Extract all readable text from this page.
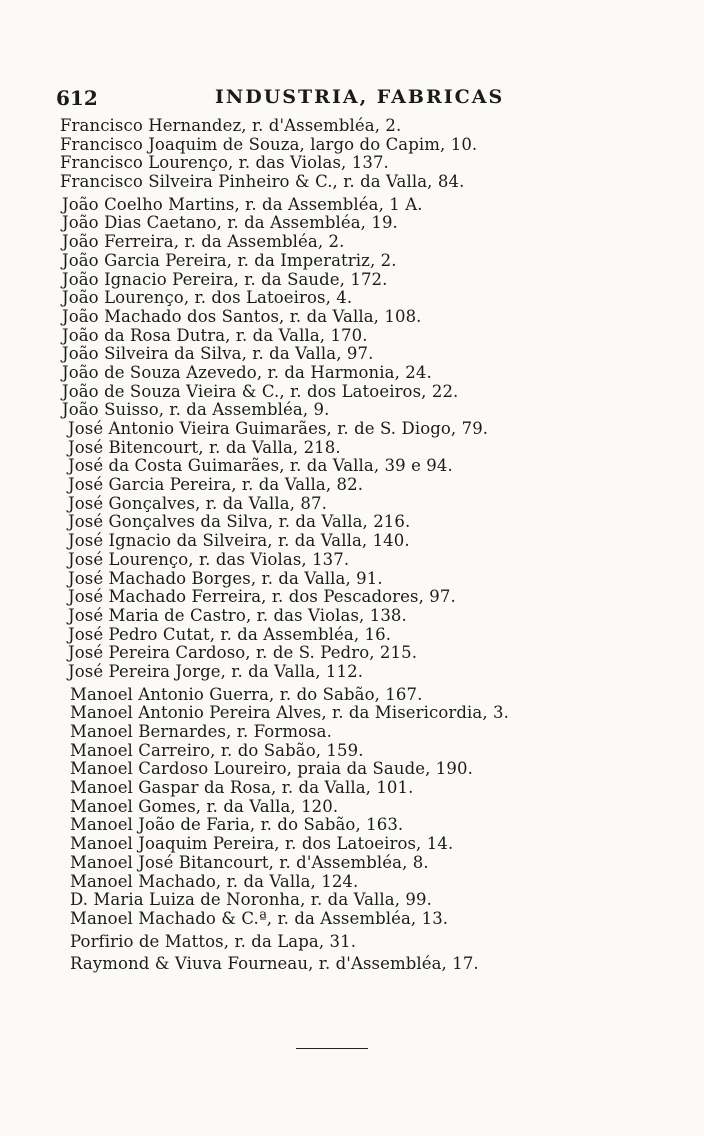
612	INDUSTRIA, FABRICAS
Francisco Hernandez, r. d'Assembléa, 2.
Francisco Joaquim de Souza, largo do Capim, 10.
Francisco Lourenço, r. das Violas, 137.
Francisco Silveira Pinheiro & C., r. da Valla, 84.
João Coelho Martins, r. da Assembléa, 1 A.
João Dias Caetano, r. da Assembléa, 19.
João Ferreira, r. da Assembléa, 2.
João Garcia Pereira, r. da Imperatriz, 2.
João Ignacio Pereira, r. da Saude, 172.
João Lourenço, r. dos Latoeiros, 4.
João Machado dos Santos, r. da Valla, 108.
João da Rosa Dutra, r. da Valla, 170.
João Silveira da Silva, r. da Valla, 97.
João de Souza Azevedo, r. da Harmonia, 24.
João de Souza Vieira & C., r. dos Latoeiros, 22.
João Suisso, r. da Assembléa, 9.
José Antonio Vieira Guimarães, r. de S. Diogo, 79.
José Bitencourt, r. da Valla, 218.
José da Costa Guimarães, r. da Valla, 39 e 94.
José Garcia Pereira, r. da Valla, 82.
José Gonçalves, r. da Valla, 87.
José Gonçalves da Silva, r. da Valla, 216.
José Ignacio da Silveira, r. da Valla, 140.
José Lourenço, r. das Violas, 137.
José Machado Borges, r. da Valla, 91.
José Machado Ferreira, r. dos Pescadores, 97.
José Maria de Castro, r. das Violas, 138.
José Pedro Cutat, r. da Assembléa, 16.
José Pereira Cardoso, r. de S. Pedro, 215.
José Pereira Jorge, r. da Valla, 112.
Manoel Antonio Guerra, r. do Sabão, 167.
Manoel Antonio Pereira Alves, r. da Misericordia, 3.
Manoel Bernardes, r. Formosa.
Manoel Carreiro, r. do Sabão, 159.
Manoel Cardoso Loureiro, praia da Saude, 190.
Manoel Gaspar da Rosa, r. da Valla, 101.
Manoel Gomes, r. da Valla, 120.
Manoel João de Faria, r. do Sabão, 163.
Manoel Joaquim Pereira, r. dos Latoeiros, 14.
Manoel José Bitancourt, r. d'Assembléa, 8.
Manoel Machado, r. da Valla, 124.
D. Maria Luiza de Noronha, r. da Valla, 99.
Manoel Machado & C.ª, r. da Assembléa, 13.
Porfirio de Mattos, r. da Lapa, 31.
Raymond & Viuva Fourneau, r. d'Assembléa, 17.
